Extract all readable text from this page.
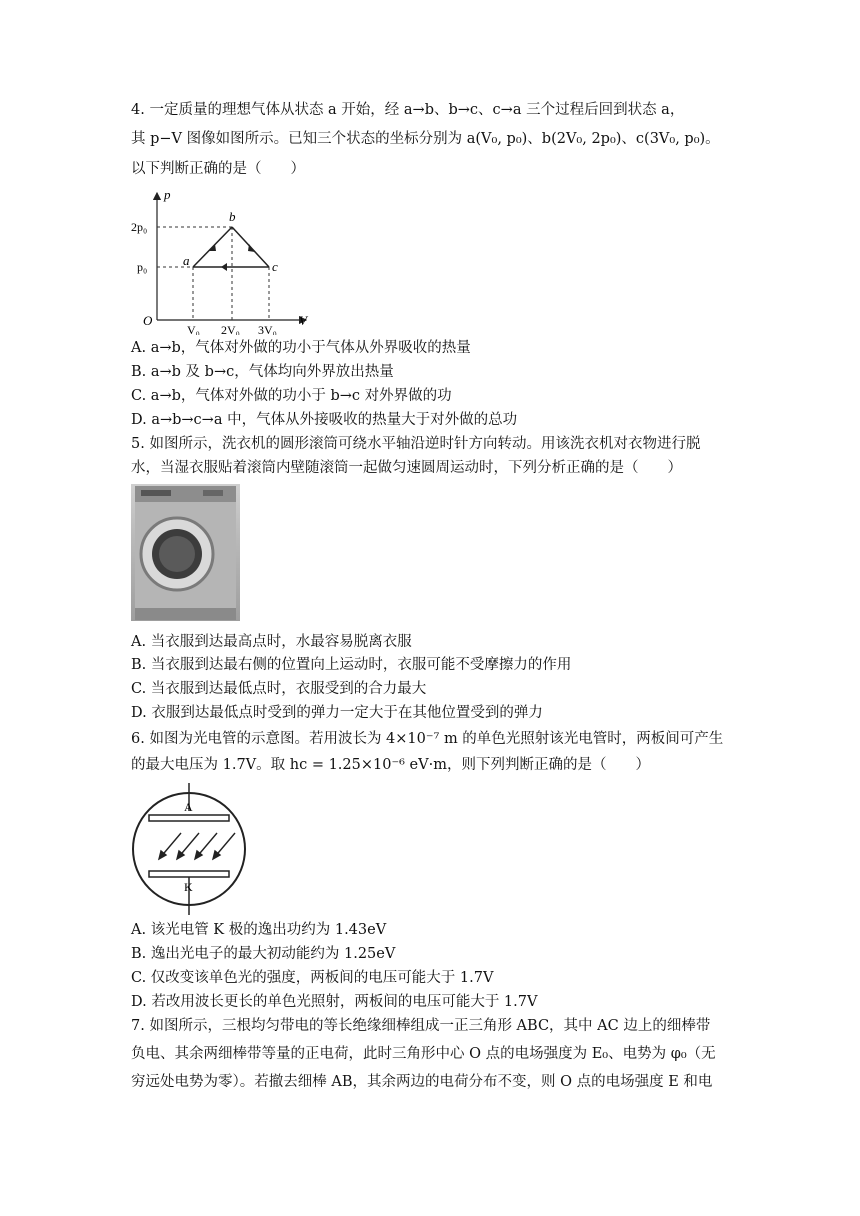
4. 一定质量的理想气体从状态 a 开始，经 a→b、b→c、c→a 三个过程后回到状态 a，
其 p−V 图像如图所示。已知三个状态的坐标分别为 a(V₀, p₀)、b(2V₀, 2p₀)、c(3V₀, p₀)。
以下判断正确的是（　　）
p
V
O
2p₀
p₀
V₀ 2V₀ 3V₀
a
b
c
A. a→b，气体对外做的功小于气体从外界吸收的热量
B. a→b 及 b→c，气体均向外界放出热量
C. a→b，气体对外做的功小于 b→c 对外界做的功
D. a→b→c→a 中，气体从外接吸收的热量大于对外做的总功
5. 如图所示，洗衣机的圆形滚筒可绕水平轴沿逆时针方向转动。用该洗衣机对衣物进行脱
水，当湿衣服贴着滚筒内壁随滚筒一起做匀速圆周运动时，下列分析正确的是（　　）
A. 当衣服到达最高点时，水最容易脱离衣服
B. 当衣服到达最右侧的位置向上运动时，衣服可能不受摩擦力的作用
C. 当衣服到达最低点时，衣服受到的合力最大
D. 衣服到达最低点时受到的弹力一定大于在其他位置受到的弹力
6. 如图为光电管的示意图。若用波长为 4×10⁻⁷ m 的单色光照射该光电管时，两板间可产生
的最大电压为 1.7V。取 hc = 1.25×10⁻⁶ eV·m，则下列判断正确的是（　　）
A
K
A. 该光电管 K 极的逸出功约为 1.43eV
B. 逸出光电子的最大初动能约为 1.25eV
C. 仅改变该单色光的强度，两板间的电压可能大于 1.7V
D. 若改用波长更长的单色光照射，两板间的电压可能大于 1.7V
7. 如图所示，三根均匀带电的等长绝缘细棒组成一正三角形 ABC，其中 AC 边上的细棒带
负电、其余两细棒带等量的正电荷，此时三角形中心 O 点的电场强度为 E₀、电势为 φ₀（无
穷远处电势为零）。若撤去细棒 AB，其余两边的电荷分布不变，则 O 点的电场强度 E 和电
